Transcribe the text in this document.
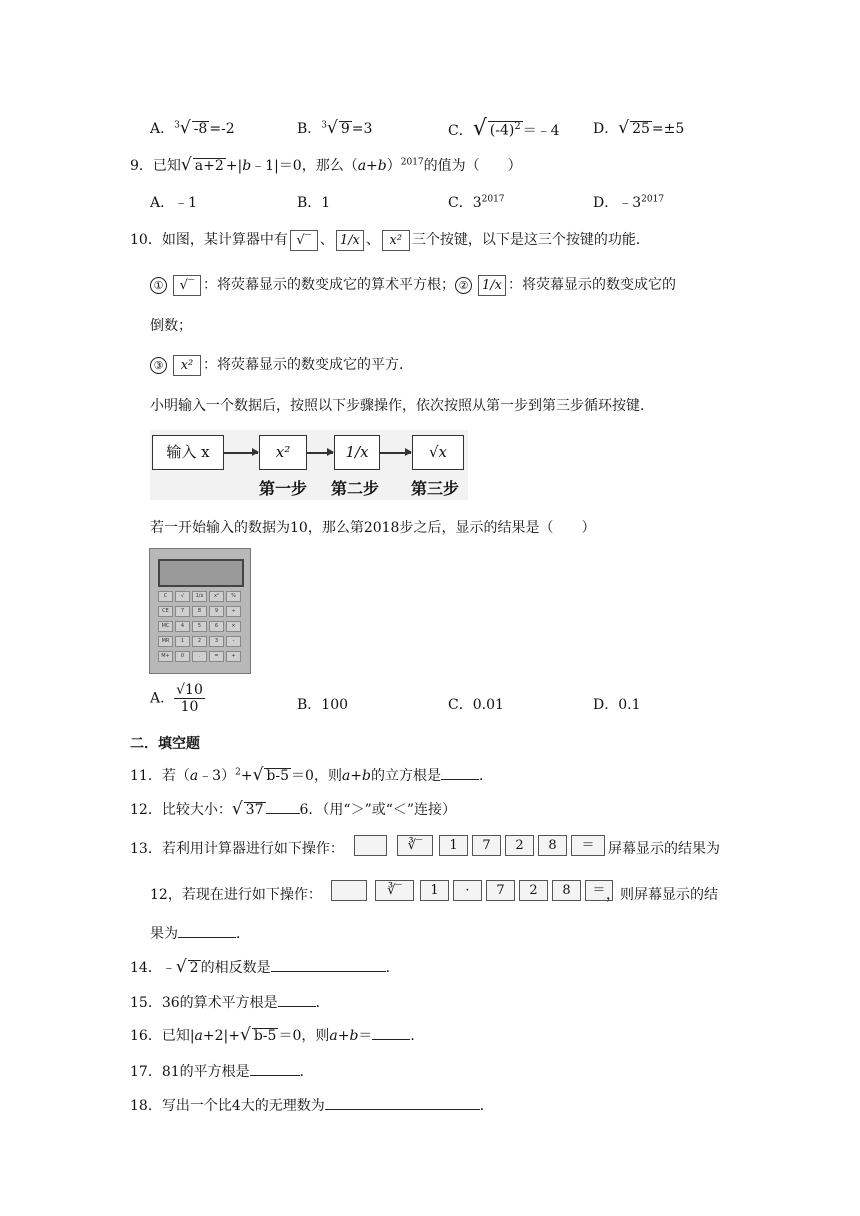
A．$^3$√ -8 =-2	B．$^3$√ 9 =3	C．√ $(-4)^2$ ＝﹣4 D．√ 25 =±5
9．已知√ a+2 +|b﹣1|＝0，那么$(a+b)^{2017}$的值为（　　）
A．﹣1	B．1	C．$3^{2017}$	D．$﹣3^{2017}$
10．如图，某计算器中有 √‾ 、 1/x 、 x² 三个按键，以下是这三个按键的功能．
① √‾ ：将荧幕显示的数变成它的算术平方根； ② 1/x ：将荧幕显示的数变成它的
倒数；
③ x² ：将荧幕显示的数变成它的平方．
小明输入一个数据后，按照以下步骤操作，依次按照从第一步到第三步循环按键．
输入 x	x²	1/x	√x
第一步 第二步 第三步
若一开始输入的数据为10，那么第2018步之后，显示的结果是（　　）
C	√	1/x	x²	%
CE	7	8	9	÷
MC	4	5	6	×
MR	1	2	3	-
M+	0	.	=	+
A． $\frac{√10}{10}$	B．100	C．0.01	D．0.1
二．填空题
11．若（a﹣3）$^2$+√ b-5 ＝0，则a+b的立方根是	．
12．比较大小：√ 37	6．（用“＞”或“＜”连接）
13．若利用计算器进行如下操作：	∛‾	1	7	2	8	＝ 屏幕显示的结果为
12，若现在进行如下操作：	∛‾	1	·	7	2	8	＝ ，则屏幕显示的结
果为	．
14．﹣√ 2 的相反数是	．
15．36的算术平方根是	．
16．已知|a+2|+√ b-5 ＝0，则a+b＝	．
17．81的平方根是	．
18．写出一个比4大的无理数为	．
